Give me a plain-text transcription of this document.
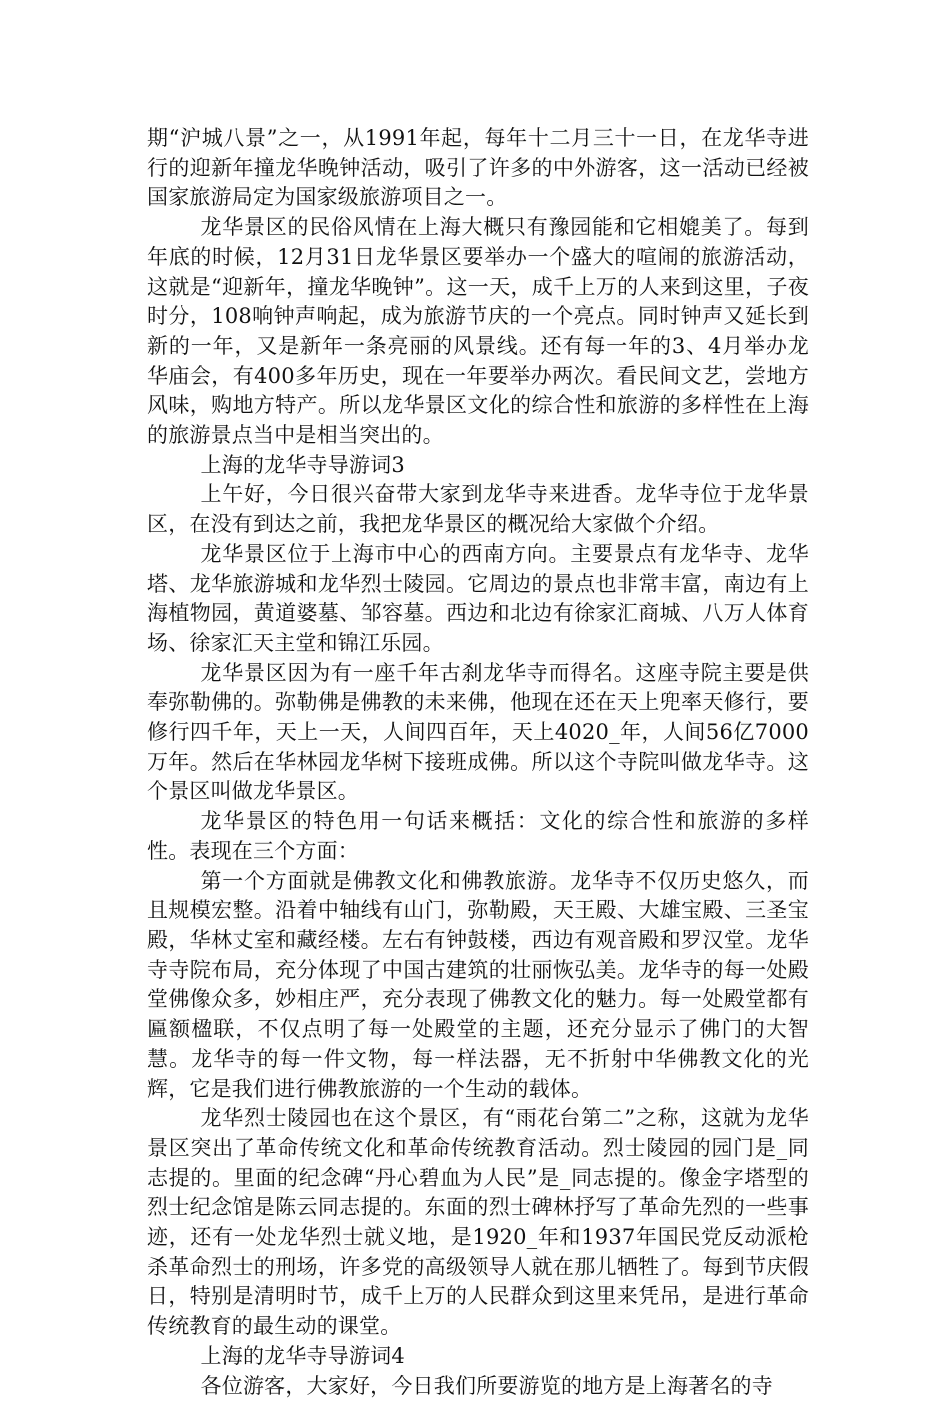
期“沪城八景”之一，从1991年起，每年十二月三十一日，在龙华寺进行的迎新年撞龙华晚钟活动，吸引了许多的中外游客，这一活动已经被国家旅游局定为国家级旅游项目之一。

龙华景区的民俗风情在上海大概只有豫园能和它相媲美了。每到年底的时候，12月31日龙华景区要举办一个盛大的喧闹的旅游活动，这就是“迎新年，撞龙华晚钟”。这一天，成千上万的人来到这里，子夜时分，108响钟声响起，成为旅游节庆的一个亮点。同时钟声又延长到新的一年，又是新年一条亮丽的风景线。还有每一年的3、4月举办龙华庙会，有400多年历史，现在一年要举办两次。看民间文艺，尝地方风味，购地方特产。所以龙华景区文化的综合性和旅游的多样性在上海的旅游景点当中是相当突出的。

上海的龙华寺导游词3

上午好，今日很兴奋带大家到龙华寺来进香。龙华寺位于龙华景区，在没有到达之前，我把龙华景区的概况给大家做个介绍。

龙华景区位于上海市中心的西南方向。主要景点有龙华寺、龙华塔、龙华旅游城和龙华烈士陵园。它周边的景点也非常丰富，南边有上海植物园，黄道婆墓、邹容墓。西边和北边有徐家汇商城、八万人体育场、徐家汇天主堂和锦江乐园。

龙华景区因为有一座千年古刹龙华寺而得名。这座寺院主要是供奉弥勒佛的。弥勒佛是佛教的未来佛，他现在还在天上兜率天修行，要修行四千年，天上一天，人间四百年，天上4020_年，人间56亿7000万年。然后在华林园龙华树下接班成佛。所以这个寺院叫做龙华寺。这个景区叫做龙华景区。

龙华景区的特色用一句话来概括：文化的综合性和旅游的多样性。表现在三个方面：

第一个方面就是佛教文化和佛教旅游。龙华寺不仅历史悠久，而且规模宏整。沿着中轴线有山门，弥勒殿，天王殿、大雄宝殿、三圣宝殿，华林丈室和藏经楼。左右有钟鼓楼，西边有观音殿和罗汉堂。龙华寺寺院布局，充分体现了中国古建筑的壮丽恢弘美。龙华寺的每一处殿堂佛像众多，妙相庄严，充分表现了佛教文化的魅力。每一处殿堂都有匾额楹联，不仅点明了每一处殿堂的主题，还充分显示了佛门的大智慧。龙华寺的每一件文物，每一样法器，无不折射中华佛教文化的光辉，它是我们进行佛教旅游的一个生动的载体。

龙华烈士陵园也在这个景区，有“雨花台第二”之称，这就为龙华景区突出了革命传统文化和革命传统教育活动。烈士陵园的园门是_同志提的。里面的纪念碑“丹心碧血为人民”是_同志提的。像金字塔型的烈士纪念馆是陈云同志提的。东面的烈士碑林抒写了革命先烈的一些事迹，还有一处龙华烈士就义地，是1920_年和1937年国民党反动派枪杀革命烈士的刑场，许多党的高级领导人就在那儿牺牲了。每到节庆假日，特别是清明时节，成千上万的人民群众到这里来凭吊，是进行革命传统教育的最生动的课堂。

上海的龙华寺导游词4

各位游客，大家好，今日我们所要游览的地方是上海著名的寺
